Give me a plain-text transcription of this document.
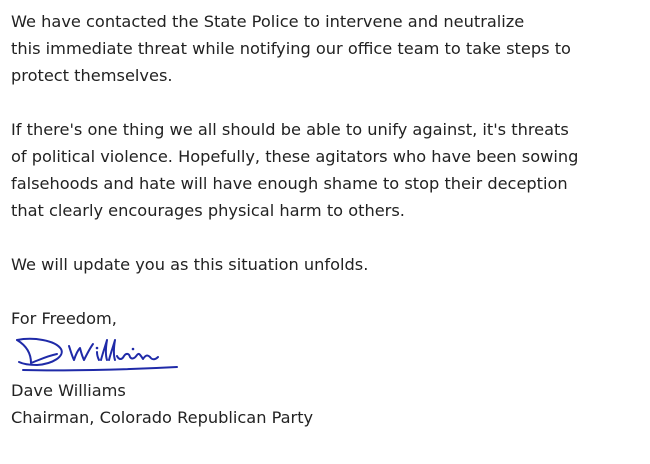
We have contacted the State Police to intervene and neutralize
this immediate threat while notifying our office team to take steps to
protect themselves.
If there's one thing we all should be able to unify against, it's threats
of political violence. Hopefully, these agitators who have been sowing
falsehoods and hate will have enough shame to stop their deception
that clearly encourages physical harm to others.
We will update you as this situation unfolds.

For Freedom,

Dave Williams

Chairman, Colorado Republican Party
